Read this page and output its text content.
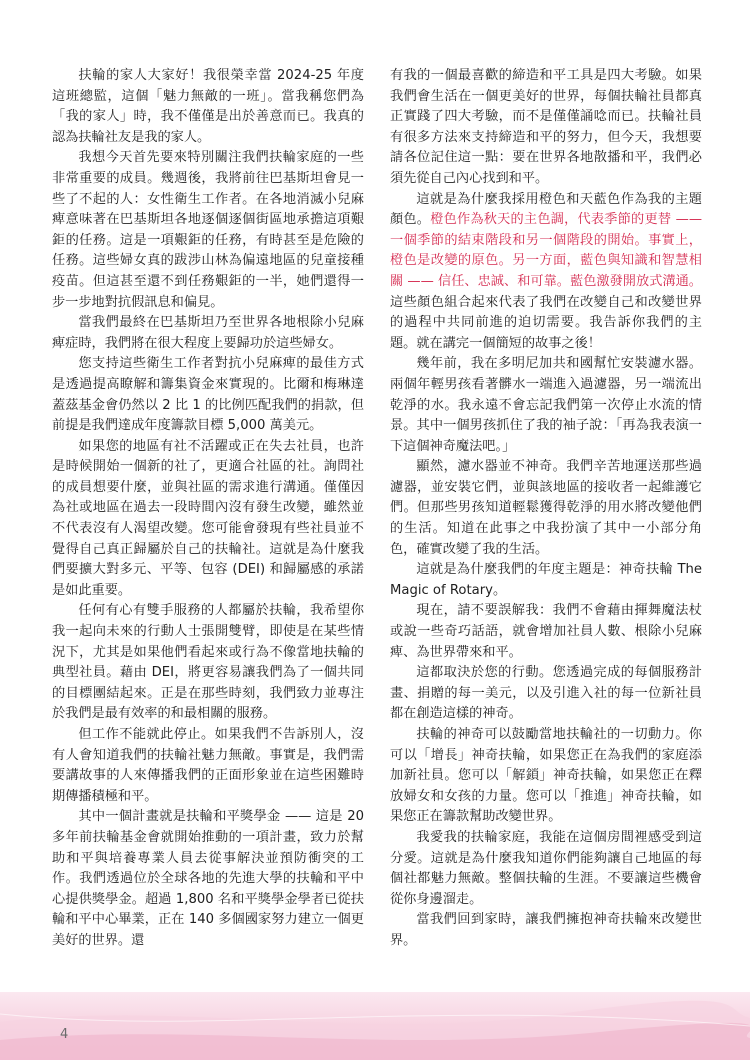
扶輪的家人大家好！我很榮幸當 2024-25 年度這班總監，這個「魅力無敵的一班」。當我稱您們為「我的家人」時，我不僅僅是出於善意而已。我真的認為扶輪社友是我的家人。

我想今天首先要來特別關注我們扶輪家庭的一些非常重要的成員。幾週後，我將前往巴基斯坦會見一些了不起的人：女性衛生工作者。在各地消滅小兒麻痺意味著在巴基斯坦各地逐個逐個街區地承擔這項艱鉅的任務。這是一項艱鉅的任務，有時甚至是危險的任務。這些婦女真的跋涉山林為偏遠地區的兒童接種疫苗。但這甚至還不到任務艱鉅的一半，她們還得一步一步地對抗假訊息和偏見。

當我們最終在巴基斯坦乃至世界各地根除小兒麻痺症時，我們將在很大程度上要歸功於這些婦女。

您支持這些衛生工作者對抗小兒麻痺的最佳方式是透過提高瞭解和籌集資金來實現的。比爾和梅琳達蓋茲基金會仍然以 2 比 1 的比例匹配我們的捐款，但前提是我們達成年度籌款目標 5,000 萬美元。

如果您的地區有社不活躍或正在失去社員，也許是時候開始一個新的社了，更適合社區的社。詢問社的成員想要什麼，並與社區的需求進行溝通。僅僅因為社或地區在過去一段時間內沒有發生改變，雖然並不代表沒有人渴望改變。您可能會發現有些社員並不覺得自己真正歸屬於自己的扶輪社。這就是為什麼我們要擴大對多元、平等、包容 (DEI) 和歸屬感的承諾是如此重要。

任何有心有雙手服務的人都屬於扶輪，我希望你我一起向未來的行動人士張開雙臂，即使是在某些情況下，尤其是如果他們看起來或行為不像當地扶輪的典型社員。藉由 DEI，將更容易讓我們為了一個共同的目標團結起來。正是在那些時刻，我們致力並專注於我們是最有效率的和最相關的服務。

但工作不能就此停止。如果我們不告訴別人，沒有人會知道我們的扶輪社魅力無敵。事實是，我們需要講故事的人來傳播我們的正面形象並在這些困難時期傳播積極和平。

其中一個計畫就是扶輪和平獎學金 —— 這是 20 多年前扶輪基金會就開始推動的一項計畫，致力於幫助和平與培養專業人員去從事解決並預防衝突的工作。我們透過位於全球各地的先進大學的扶輪和平中心提供獎學金。超過 1,800 名和平獎學金學者已從扶輪和平中心畢業，正在 140 多個國家努力建立一個更美好的世界。還

有我的一個最喜歡的締造和平工具是四大考驗。如果我們會生活在一個更美好的世界，每個扶輪社員都真正實踐了四大考驗，而不是僅僅誦唸而已。扶輪社員有很多方法來支持締造和平的努力，但今天，我想要請各位記住這一點：要在世界各地散播和平，我們必須先從自己內心找到和平。

這就是為什麼我採用橙色和天藍色作為我的主題顏色。橙色作為秋天的主色調，代表季節的更替 —— 一個季節的結束階段和另一個階段的開始。事實上，橙色是改變的原色。另一方面，藍色與知識和智慧相關 —— 信任、忠誠、和可靠。藍色激發開放式溝通。這些顏色組合起來代表了我們在改變自己和改變世界的過程中共同前進的迫切需要。我告訴你我們的主題。就在講完一個簡短的故事之後！

幾年前，我在多明尼加共和國幫忙安裝濾水器。兩個年輕男孩看著髒水一端進入過濾器，另一端流出乾淨的水。我永遠不會忘記我們第一次停止水流的情景。其中一個男孩抓住了我的袖子說：「再為我表演一下這個神奇魔法吧。」

顯然，濾水器並不神奇。我們辛苦地運送那些過濾器，並安裝它們，並與該地區的接收者一起維護它們。但那些男孩知道輕鬆獲得乾淨的用水將改變他們的生活。知道在此事之中我扮演了其中一小部分角色，確實改變了我的生活。

這就是為什麼我們的年度主題是：神奇扶輪 The Magic of Rotary。

現在，請不要誤解我：我們不會藉由揮舞魔法杖或說一些奇巧話語，就會增加社員人數、根除小兒麻痺、為世界帶來和平。

這都取決於您的行動。您透過完成的每個服務計畫、捐贈的每一美元，以及引進入社的每一位新社員都在創造這樣的神奇。

扶輪的神奇可以鼓勵當地扶輪社的一切動力。你可以「增長」神奇扶輪，如果您正在為我們的家庭添加新社員。您可以「解鎖」神奇扶輪，如果您正在釋放婦女和女孩的力量。您可以「推進」神奇扶輪，如果您正在籌款幫助改變世界。

我愛我的扶輪家庭，我能在這個房間裡感受到這分愛。這就是為什麼我知道你們能夠讓自己地區的每個社都魅力無敵。整個扶輪的生涯。不要讓這些機會從你身邊溜走。

當我們回到家時，讓我們擁抱神奇扶輪來改變世界。

4
